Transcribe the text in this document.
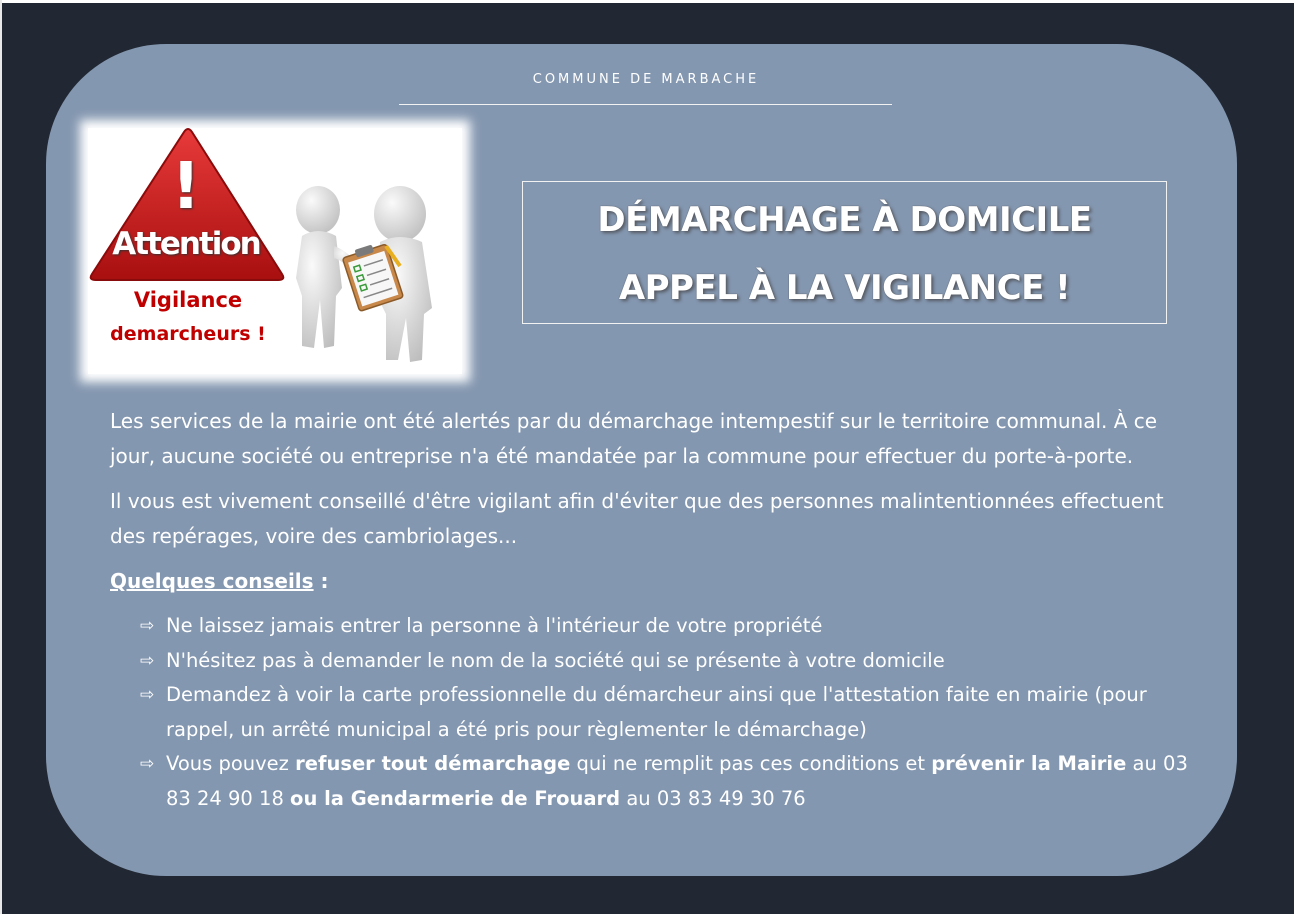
COMMUNE DE MARBACHE
!
Attention
Vigilance
demarcheurs !
DÉMARCHAGE À DOMICILE
APPEL À LA VIGILANCE !

Les services de la mairie ont été alertés par du démarchage intempestif sur le territoire communal. À ce jour, aucune société ou entreprise n'a été mandatée par la commune pour effectuer du porte-à-porte.

Il vous est vivement conseillé d'être vigilant afin d'éviter que des personnes malintentionnées effectuent des repérages, voire des cambriolages...

Quelques conseils :
⇨ Ne laissez jamais entrer la personne à l'intérieur de votre propriété
⇨ N'hésitez pas à demander le nom de la société qui se présente à votre domicile
⇨ Demandez à voir la carte professionnelle du démarcheur ainsi que l'attestation faite en mairie (pour rappel, un arrêté municipal a été pris pour règlementer le démarchage)
⇨ Vous pouvez refuser tout démarchage qui ne remplit pas ces conditions et prévenir la Mairie au 03 83 24 90 18 ou la Gendarmerie de Frouard au 03 83 49 30 76
